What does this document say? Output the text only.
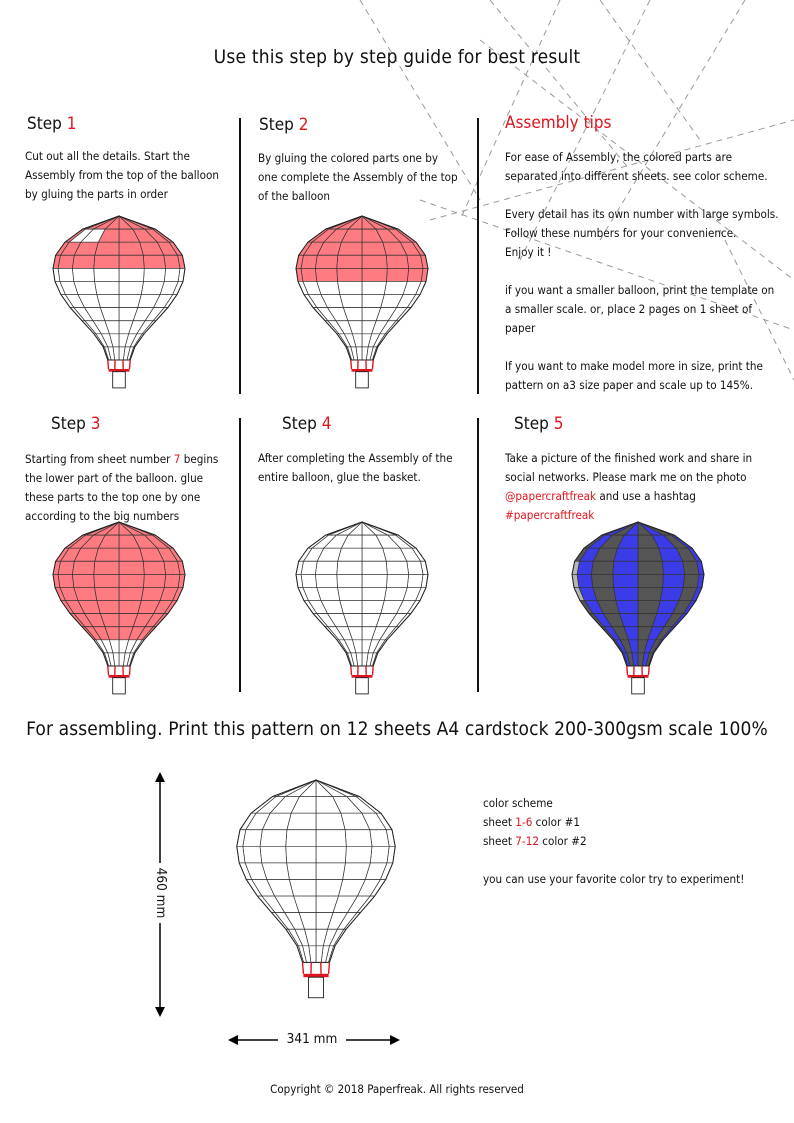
Use this step by step guide for best result
Step 1
Cut out all the details. Start the
Assembly from the top of the balloon
by gluing the parts in order
Step 2
By gluing the colored parts one by
one complete the Assembly of the top
of the balloon
Assembly tips
For ease of Assembly, the colored parts are
separated into different sheets. see color scheme.
Every detail has its own number with large symbols.
Follow these numbers for your convenience.
Enjoy it !
if you want a smaller balloon, print the template on
a smaller scale. or, place 2 pages on 1 sheet of
paper
If you want to make model more in size, print the
pattern on a3 size paper and scale up to 145%.
Step 3
Starting from sheet number 7 begins
the lower part of the balloon. glue
these parts to the top one by one
according to the big numbers
Step 4
After completing the Assembly of the
entire balloon, glue the basket.
Step 5
Take a picture of the finished work and share in
social networks. Please mark me on the photo
@papercraftfreak and use a hashtag
#papercraftfreak
For assembling. Print this pattern on 12 sheets A4 cardstock 200-300gsm scale 100%
460 mm
341 mm
color scheme
sheet 1-6 color #1
sheet 7-12 color #2
you can use your favorite color try to experiment!
Copyright © 2018 Paperfreak. All rights reserved
